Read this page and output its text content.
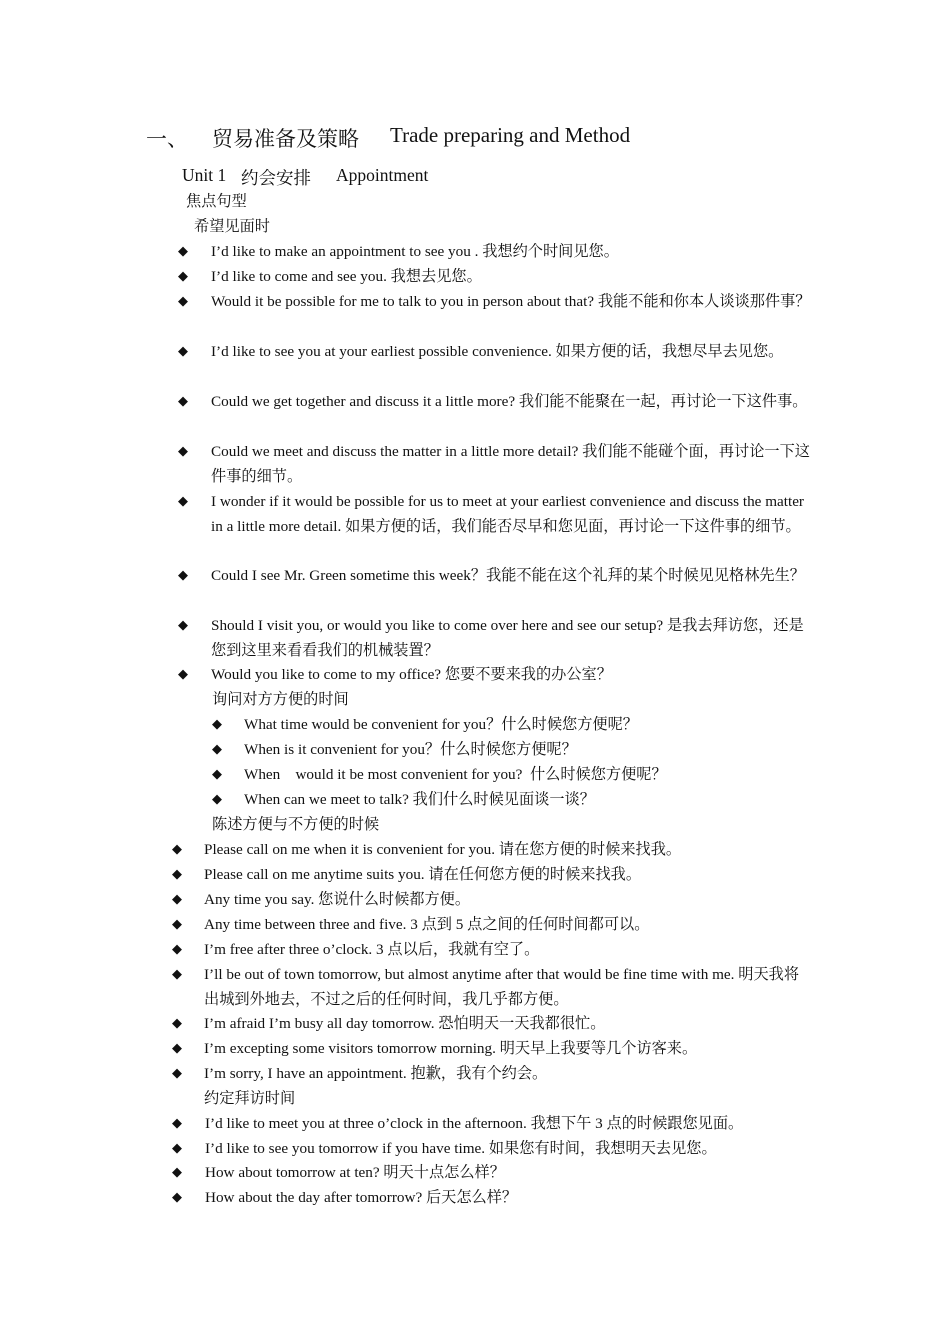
一、 贸易准备及策略 Trade preparing and Method
Unit 1 约会安排 Appointment
焦点句型
希望见面时
◆ I’d like to make an appointment to see you . 我想约个时间见您。
◆ I’d like to come and see you. 我想去见您。
◆ Would it be possible for me to talk to you in person about that? 我能不能和你本人谈谈那件事？
◆ I’d like to see you at your earliest possible convenience. 如果方便的话，我想尽早去见您。
◆ Could we get together and discuss it a little more? 我们能不能聚在一起，再讨论一下这件事。
◆ Could we meet and discuss the matter in a little more detail? 我们能不能碰个面，再讨论一下这件事的细节。
◆ I wonder if it would be possible for us to meet at your earliest convenience and discuss the matter in a little more detail. 如果方便的话，我们能否尽早和您见面，再讨论一下这件事的细节。
◆ Could I see Mr. Green sometime this week？我能不能在这个礼拜的某个时候见见格林先生？
◆ Should I visit you, or would you like to come over here and see our setup? 是我去拜访您，还是您到这里来看看我们的机械装置？
◆ Would you like to come to my office? 您要不要来我的办公室？
询问对方方便的时间
◆ What time would be convenient for you？什么时候您方便呢？
◆ When is it convenient for you？什么时候您方便呢？
◆ When    would it be most convenient for you?  什么时候您方便呢？
◆ When can we meet to talk? 我们什么时候见面谈一谈？
陈述方便与不方便的时候
◆ Please call on me when it is convenient for you. 请在您方便的时候来找我。
◆ Please call on me anytime suits you. 请在任何您方便的时候来找我。
◆ Any time you say. 您说什么时候都方便。
◆ Any time between three and five. 3 点到 5 点之间的任何时间都可以。
◆ I’m free after three o’clock. 3 点以后，我就有空了。
◆ I’ll be out of town tomorrow, but almost anytime after that would be fine time with me. 明天我将出城到外地去，不过之后的任何时间，我几乎都方便。
◆ I’m afraid I’m busy all day tomorrow. 恐怕明天一天我都很忙。
◆ I’m excepting some visitors tomorrow morning. 明天早上我要等几个访客来。
◆ I’m sorry, I have an appointment. 抱歉，我有个约会。
约定拜访时间
◆ I’d like to meet you at three o’clock in the afternoon. 我想下午 3 点的时候跟您见面。
◆ I’d like to see you tomorrow if you have time. 如果您有时间，我想明天去见您。
◆ How about tomorrow at ten? 明天十点怎么样？
◆ How about the day after tomorrow? 后天怎么样？
